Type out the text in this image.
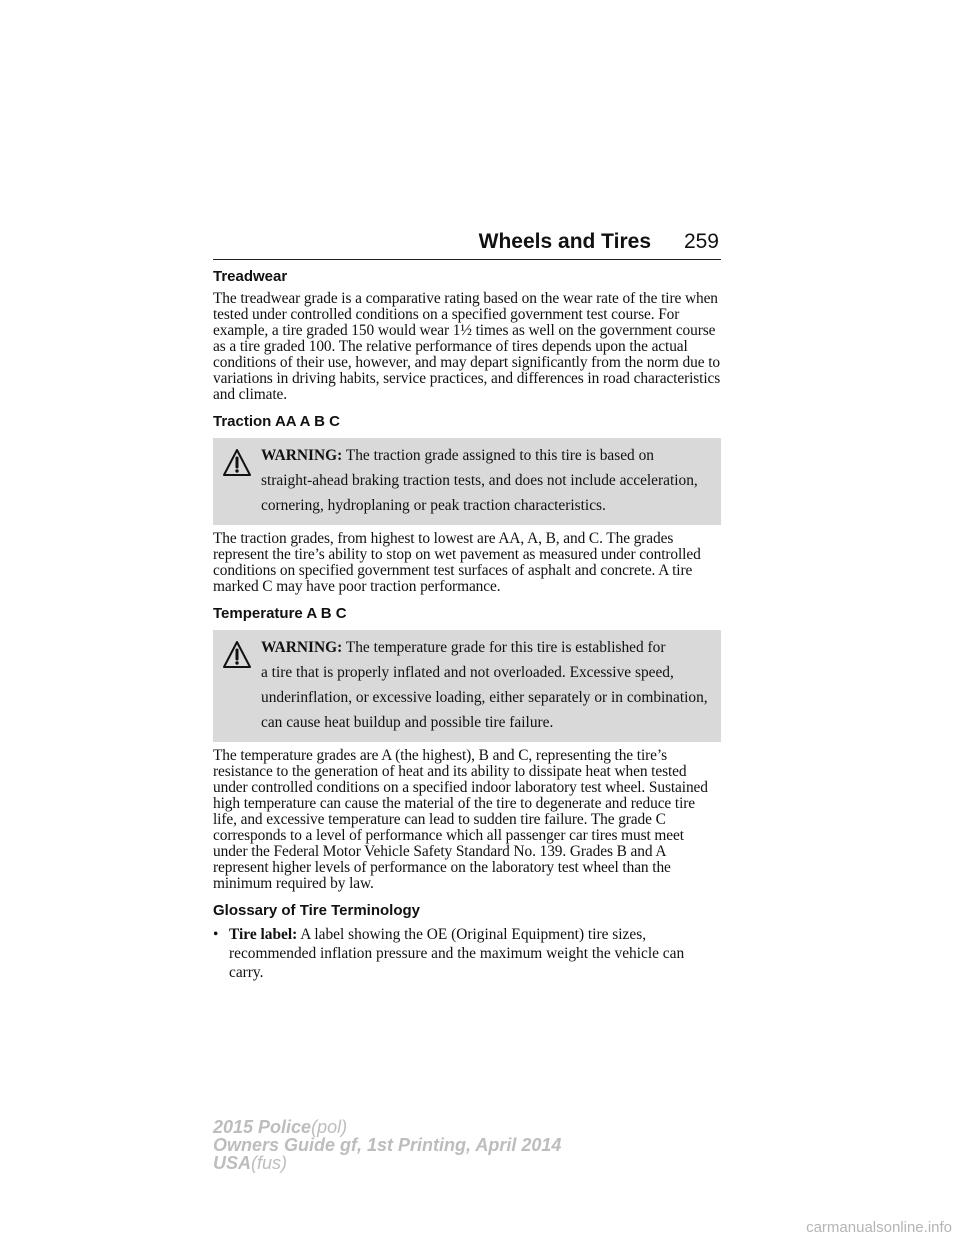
Wheels and Tires 259
Treadwear

The treadwear grade is a comparative rating based on the wear rate of the tire when tested under controlled conditions on a specified government test course. For example, a tire graded 150 would wear 1½ times as well on the government course as a tire graded 100. The relative performance of tires depends upon the actual conditions of their use, however, and may depart significantly from the norm due to variations in driving habits, service practices, and differences in road characteristics and climate.

Traction AA A B C
WARNING: The traction grade assigned to this tire is based on
straight-ahead braking traction tests, and does not include acceleration, cornering, hydroplaning or peak traction characteristics.

The traction grades, from highest to lowest are AA, A, B, and C. The grades represent the tire’s ability to stop on wet pavement as measured under controlled conditions on specified government test surfaces of asphalt and concrete. A tire marked C may have poor traction performance.

Temperature A B C
WARNING: The temperature grade for this tire is established for
a tire that is properly inflated and not overloaded. Excessive speed, underinflation, or excessive loading, either separately or in combination, can cause heat buildup and possible tire failure.

The temperature grades are A (the highest), B and C, representing the tire’s resistance to the generation of heat and its ability to dissipate heat when tested under controlled conditions on a specified indoor laboratory test wheel. Sustained high temperature can cause the material of the tire to degenerate and reduce tire life, and excessive temperature can lead to sudden tire failure. The grade C corresponds to a level of performance which all passenger car tires must meet under the Federal Motor Vehicle Safety Standard No. 139. Grades B and A represent higher levels of performance on the laboratory test wheel than the minimum required by law.

Glossary of Tire Terminology
• Tire label: A label showing the OE (Original Equipment) tire sizes, recommended inflation pressure and the maximum weight the vehicle can carry.
2015 Police(pol)
Owners Guide gf, 1st Printing, April 2014
USA(fus)
carmanualsonline.info
